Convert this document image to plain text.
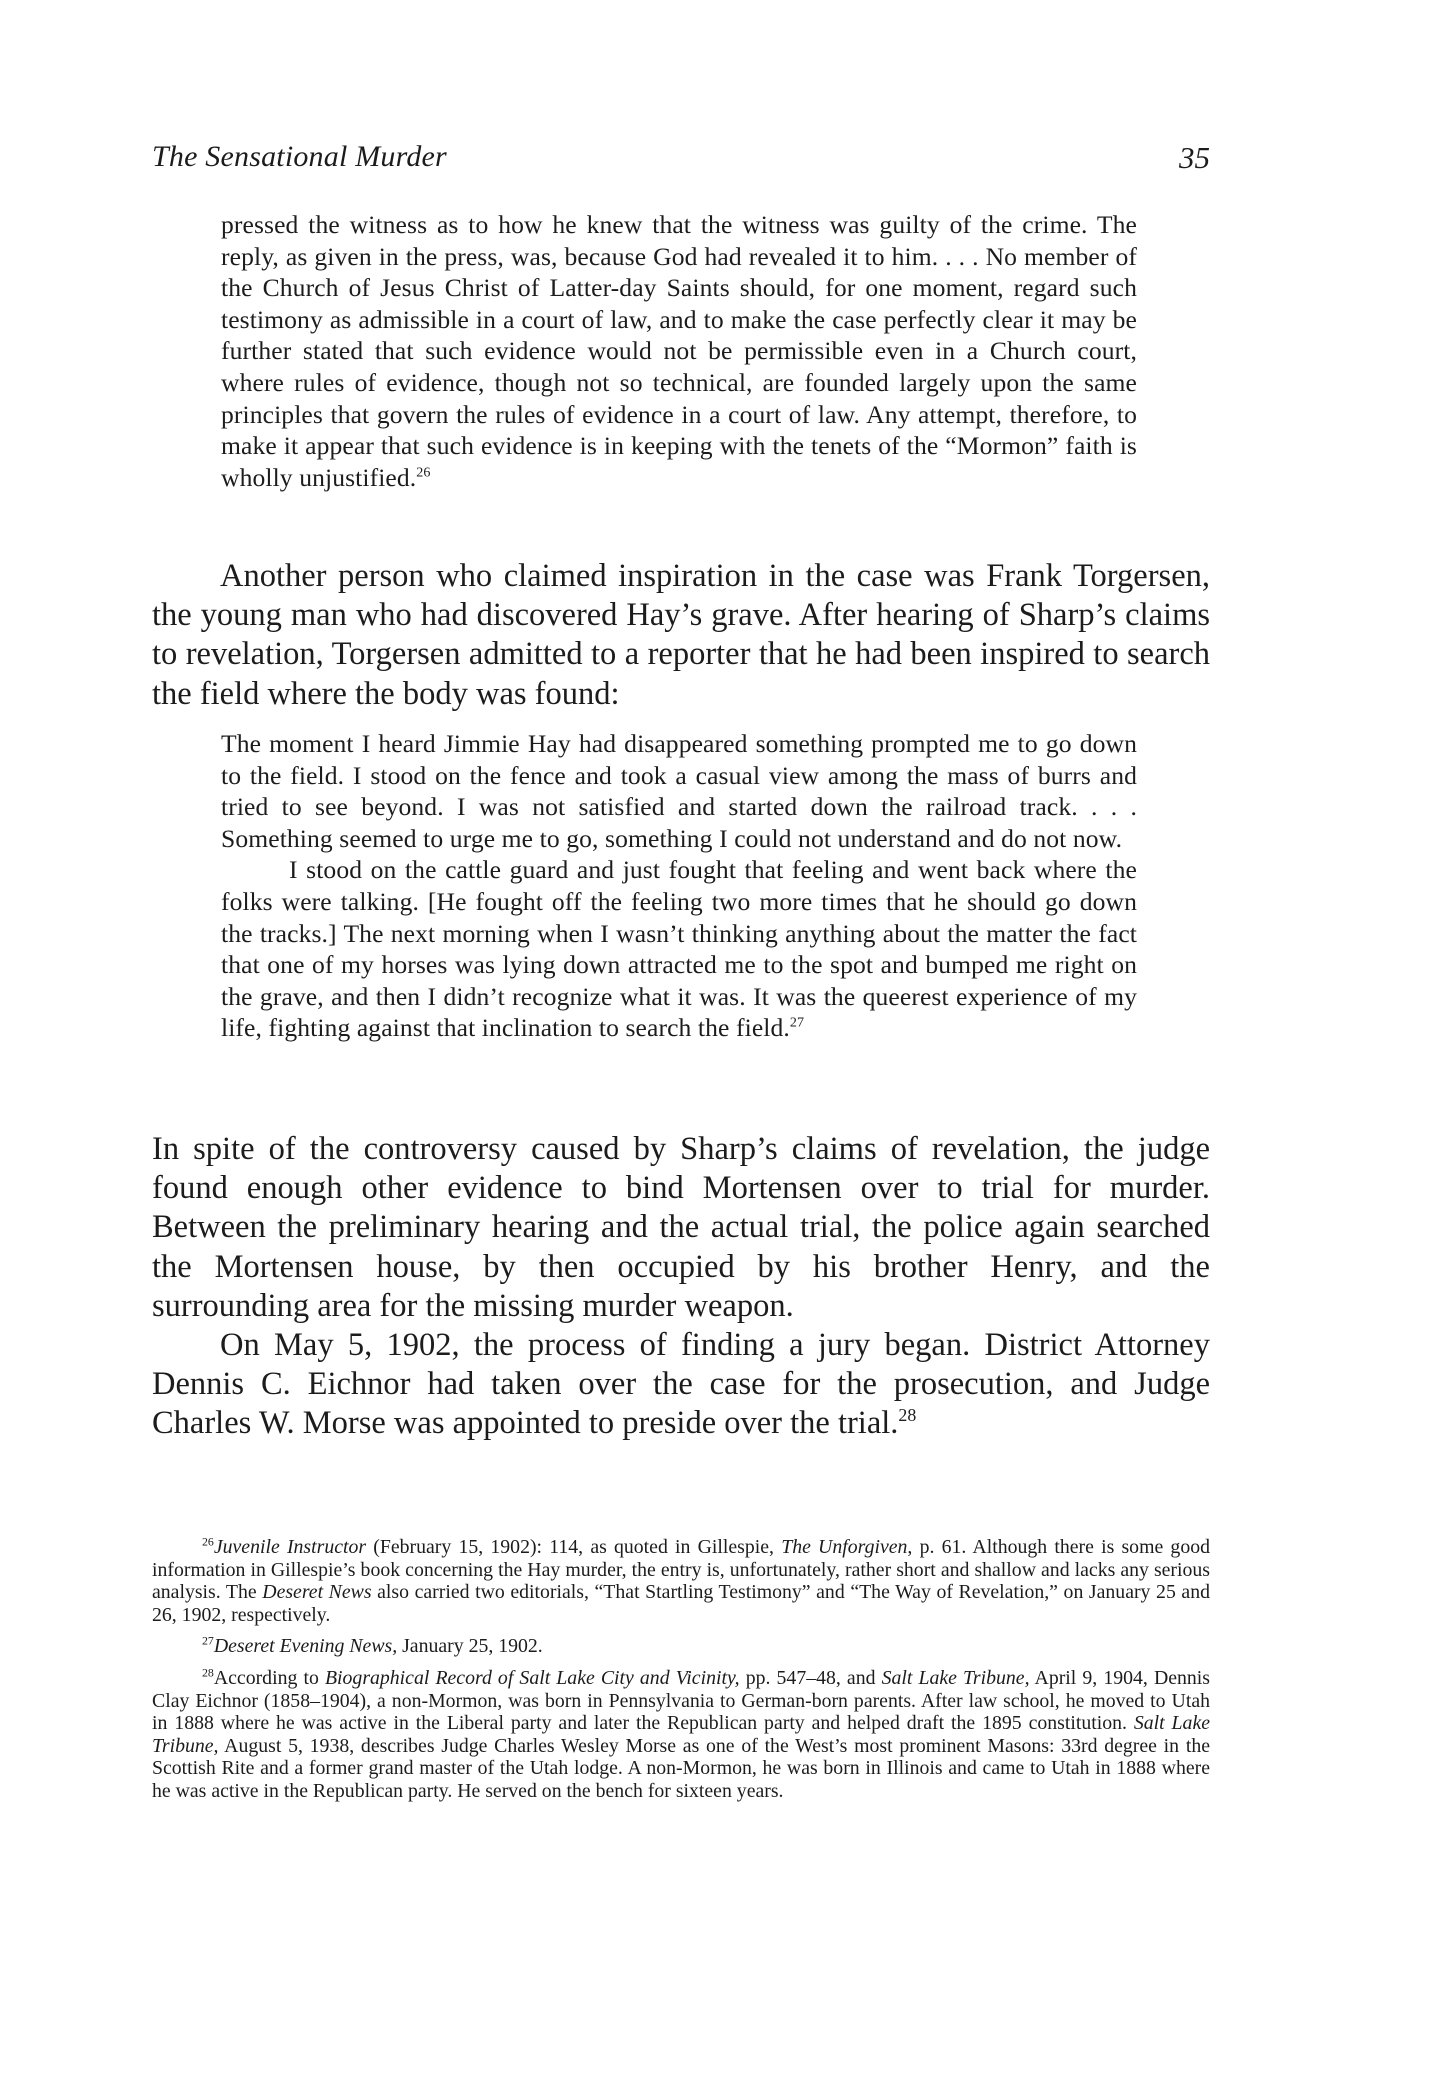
The Sensational Murder	35

pressed the witness as to how he knew that the witness was guilty of the crime. The reply, as given in the press, was, because God had revealed it to him. . . . No member of the Church of Jesus Christ of Latter-day Saints should, for one moment, regard such testimony as admissible in a court of law, and to make the case perfectly clear it may be further stated that such evidence would not be permissible even in a Church court, where rules of evidence, though not so technical, are founded largely upon the same principles that govern the rules of evidence in a court of law. Any attempt, therefore, to make it appear that such evidence is in keeping with the tenets of the “Mormon” faith is wholly unjustified.$^{26}$

Another person who claimed inspiration in the case was Frank Torgersen, the young man who had discovered Hay’s grave. After hearing of Sharp’s claims to revelation, Torgersen admitted to a reporter that he had been inspired to search the field where the body was found:

The moment I heard Jimmie Hay had disappeared something prompted me to go down to the field. I stood on the fence and took a casual view among the mass of burrs and tried to see beyond. I was not satisfied and started down the railroad track. . . . Something seemed to urge me to go, something I could not understand and do not now.

I stood on the cattle guard and just fought that feeling and went back where the folks were talking. [He fought off the feeling two more times that he should go down the tracks.] The next morning when I wasn’t thinking anything about the matter the fact that one of my horses was lying down attracted me to the spot and bumped me right on the grave, and then I didn’t recognize what it was. It was the queerest experience of my life, fighting against that inclination to search the field.$^{27}$

In spite of the controversy caused by Sharp’s claims of revelation, the judge found enough other evidence to bind Mortensen over to trial for murder. Between the preliminary hearing and the actual trial, the police again searched the Mortensen house, by then occupied by his brother Henry, and the surrounding area for the missing murder weapon.

On May 5, 1902, the process of finding a jury began. District Attorney Dennis C. Eichnor had taken over the case for the prosecution, and Judge Charles W. Morse was appointed to preside over the trial.$^{28}$

$^{26}$Juvenile Instructor (February 15, 1902): 114, as quoted in Gillespie, The Unforgiven, p. 61. Although there is some good information in Gillespie’s book concerning the Hay murder, the entry is, unfortunately, rather short and shallow and lacks any serious analysis. The Deseret News also carried two editorials, “That Startling Testimony” and “The Way of Revelation,” on January 25 and 26, 1902, respectively.

$^{27}$Deseret Evening News, January 25, 1902.

$^{28}$According to Biographical Record of Salt Lake City and Vicinity, pp. 547–48, and Salt Lake Tribune, April 9, 1904, Dennis Clay Eichnor (1858–1904), a non-Mormon, was born in Pennsylvania to German-born parents. After law school, he moved to Utah in 1888 where he was active in the Liberal party and later the Republican party and helped draft the 1895 constitution. Salt Lake Tribune, August 5, 1938, describes Judge Charles Wesley Morse as one of the West’s most prominent Masons: 33rd degree in the Scottish Rite and a former grand master of the Utah lodge. A non-Mormon, he was born in Illinois and came to Utah in 1888 where he was active in the Republican party. He served on the bench for sixteen years.
